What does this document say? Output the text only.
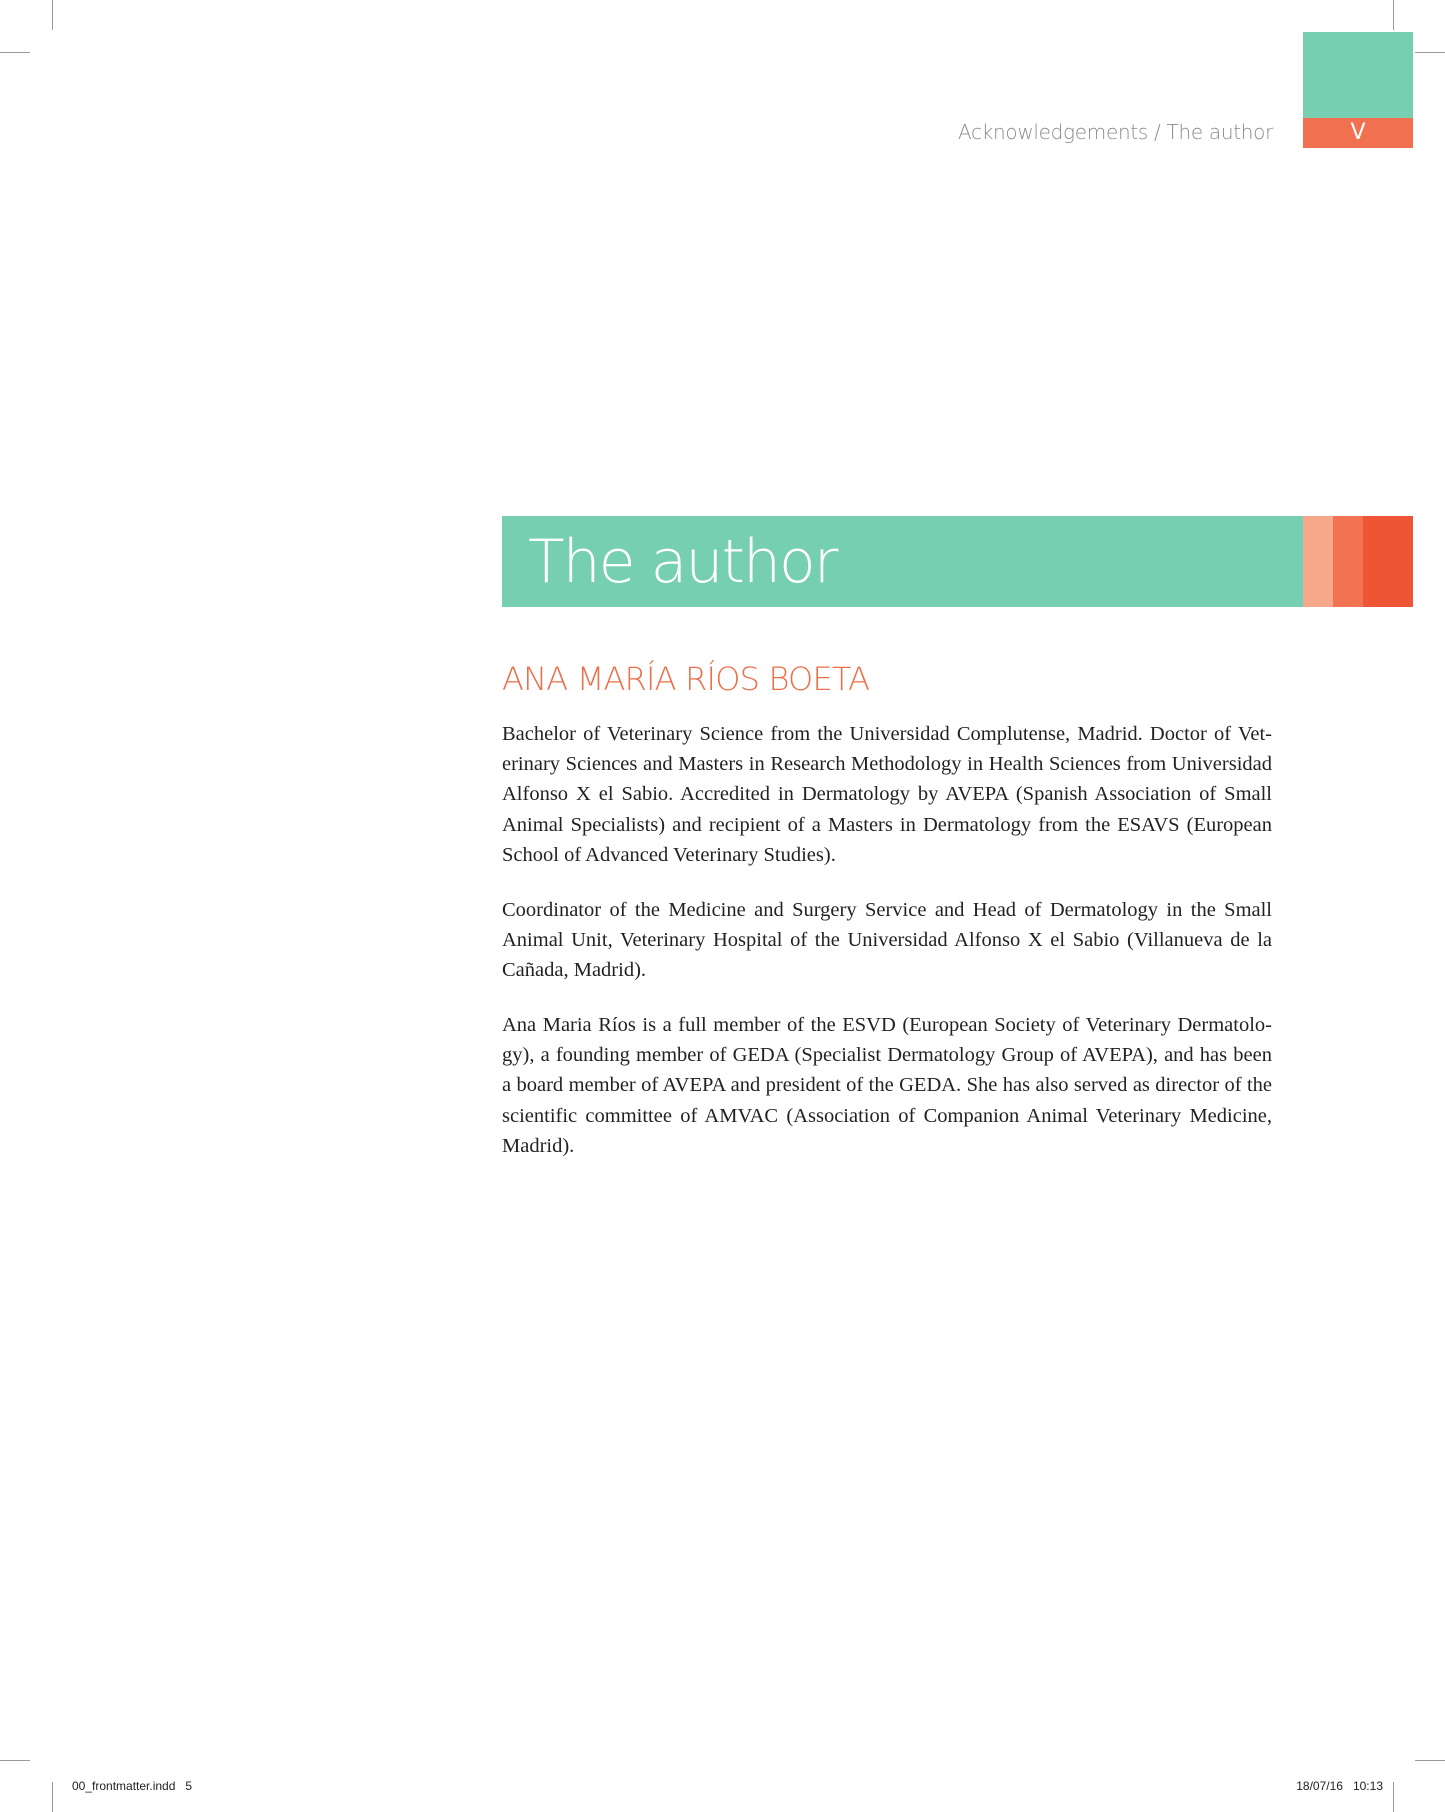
V
Acknowledgements / The author
The author
ANA MARÍA RÍOS BOETA

Bachelor of Veterinary Science from the Universidad Complutense, Madrid. Doctor of Veterinary Sciences and Masters in Research Methodology in Health Sciences from Universidad Alfonso X el Sabio. Accredited in Dermatology by AVEPA (Spanish Association of Small Animal Specialists) and recipient of a Masters in Dermatology from the ESAVS (European School of Advanced Veterinary Studies).

Coordinator of the Medicine and Surgery Service and Head of Dermatology in the Small Animal Unit, Veterinary Hospital of the Universidad Alfonso X el Sabio (Villanueva de la Cañada, Madrid).

Ana Maria Ríos is a full member of the ESVD (European Society of Veterinary Dermatology), a founding member of GEDA (Specialist Dermatology Group of AVEPA), and has been a board member of AVEPA and president of the GEDA. She has also served as director of the scientific committee of AMVAC (Association of Companion Animal Veterinary Medicine, Madrid).

00_frontmatter.indd   5	18/07/16   10:13
